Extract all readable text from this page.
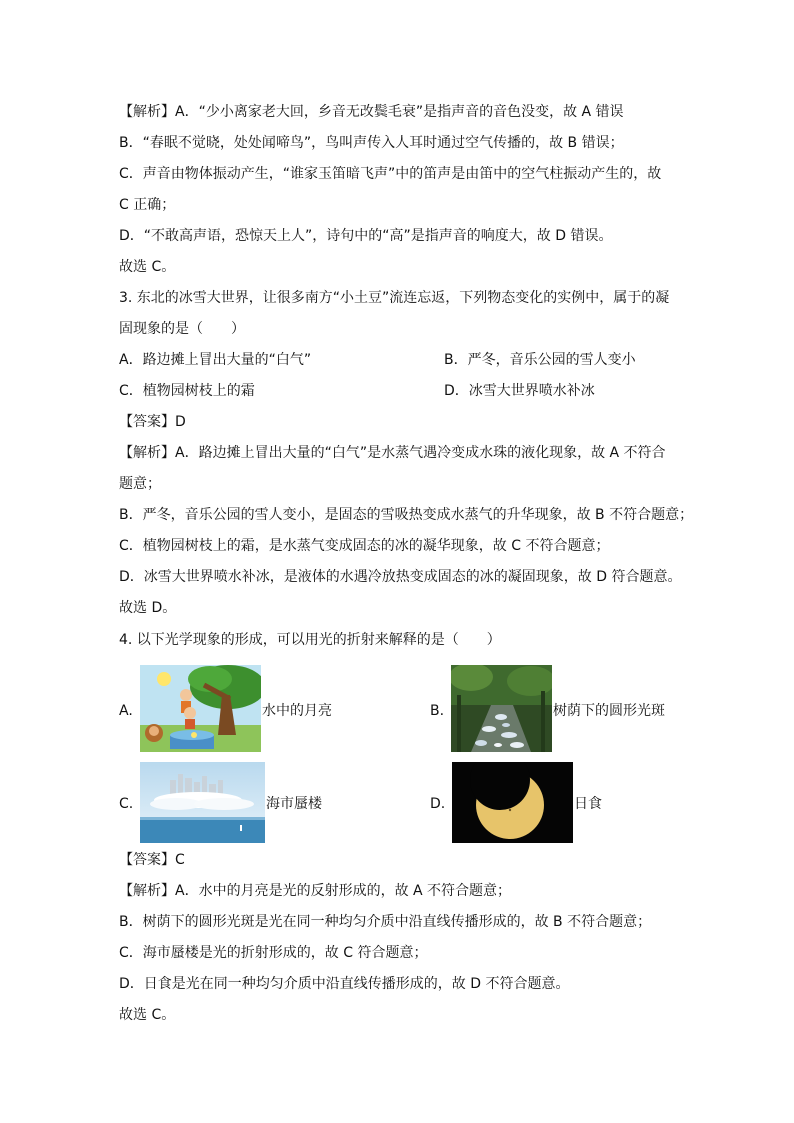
【解析】A．“少小离家老大回，乡音无改鬓毛衰”是指声音的音色没变，故 A 错误
B．“春眠不觉晓，处处闻啼鸟”，鸟叫声传入人耳时通过空气传播的，故 B 错误；
C．声音由物体振动产生，“谁家玉笛暗飞声”中的笛声是由笛中的空气柱振动产生的，故
C 正确；
D．“不敢高声语，恐惊天上人”，诗句中的“高”是指声音的响度大，故 D 错误。
故选 C。
3. 东北的冰雪大世界，让很多南方“小土豆”流连忘返，下列物态变化的实例中，属于的凝
固现象的是（　　）
A．路边摊上冒出大量的“白气”	B．严冬，音乐公园的雪人变小
C．植物园树枝上的霜	D．冰雪大世界喷水补冰
【答案】D
【解析】A．路边摊上冒出大量的“白气”是水蒸气遇冷变成水珠的液化现象，故 A 不符合
题意；
B．严冬，音乐公园的雪人变小，是固态的雪吸热变成水蒸气的升华现象，故 B 不符合题意；
C．植物园树枝上的霜，是水蒸气变成固态的冰的凝华现象，故 C 不符合题意；
D．冰雪大世界喷水补冰，是液体的水遇冷放热变成固态的冰的凝固现象，故 D 符合题意。
故选 D。
4. 以下光学现象的形成，可以用光的折射来解释的是（　　）
A.	水中的月亮	B.	树荫下的圆形光斑
C.	海市蜃楼	D.	日食
【答案】C
【解析】A．水中的月亮是光的反射形成的，故 A 不符合题意；
B．树荫下的圆形光斑是光在同一种均匀介质中沿直线传播形成的，故 B 不符合题意；
C．海市蜃楼是光的折射形成的，故 C 符合题意；
D．日食是光在同一种均匀介质中沿直线传播形成的，故 D 不符合题意。
故选 C。
